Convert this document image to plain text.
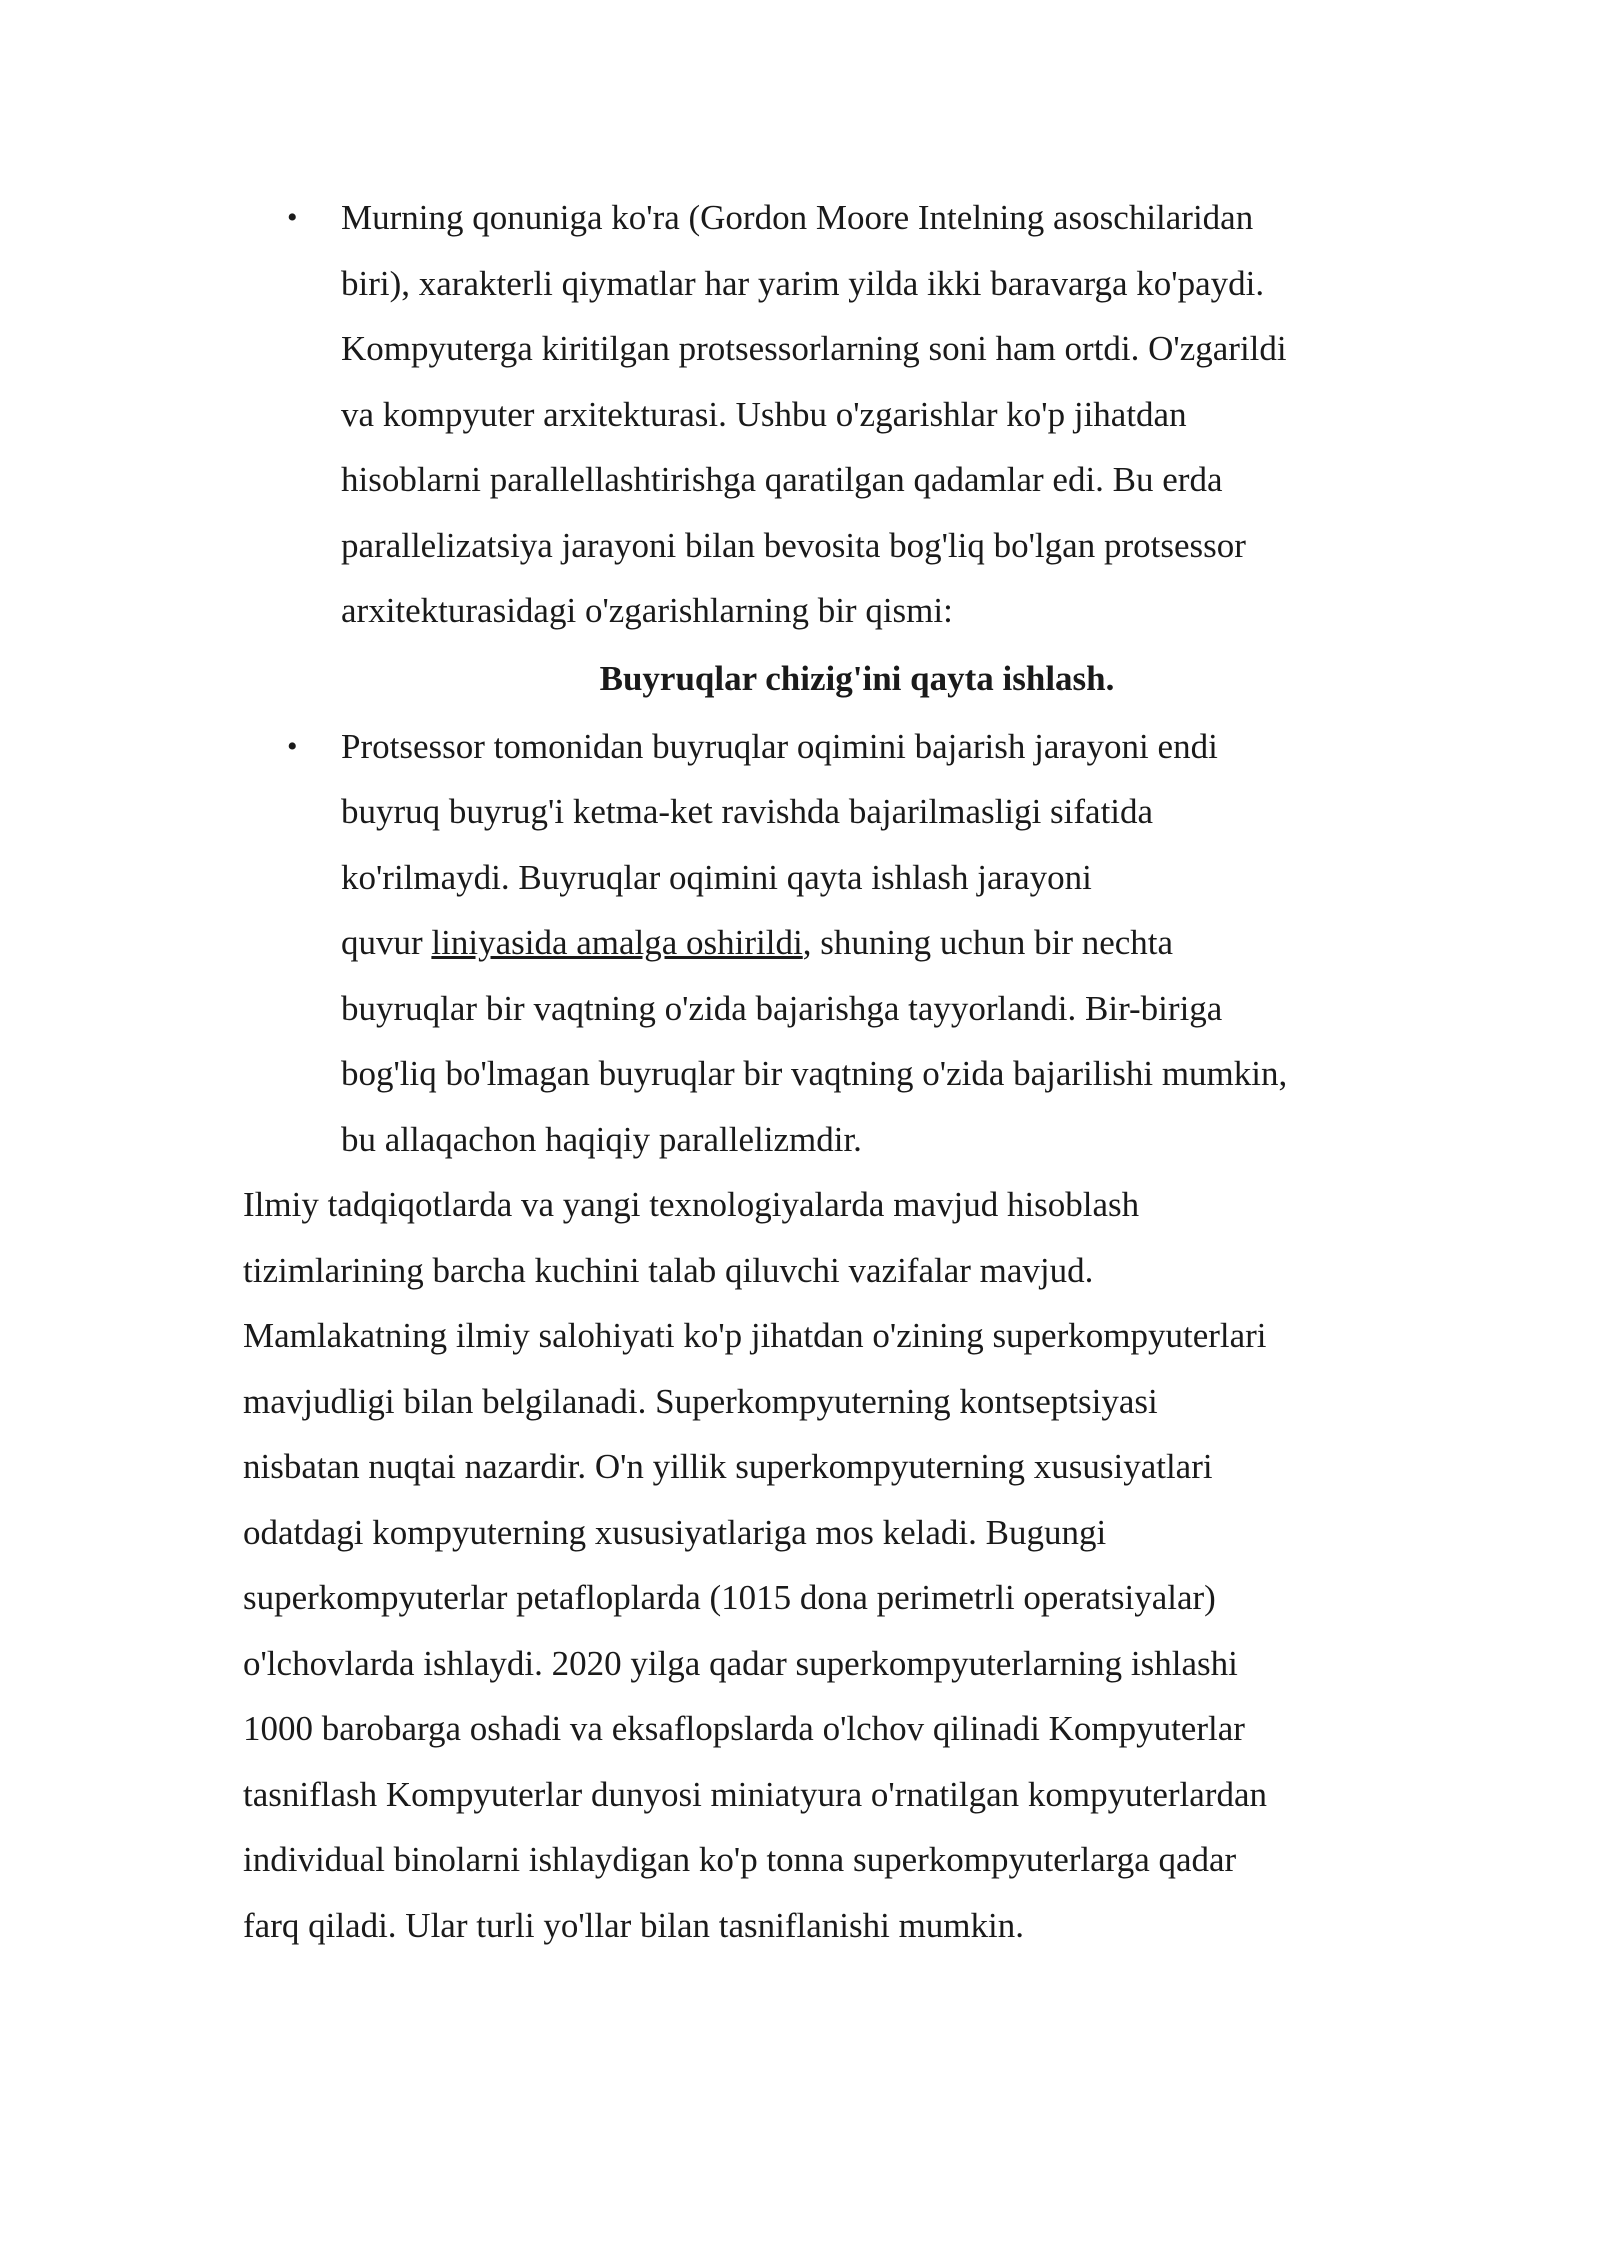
• Murning qonuniga ko'ra (Gordon Moore Intelning asoschilaridan
biri), xarakterli qiymatlar har yarim yilda ikki baravarga ko'paydi.
Kompyuterga kiritilgan protsessorlarning soni ham ortdi. O'zgarildi
va kompyuter arxitekturasi. Ushbu o'zgarishlar ko'p jihatdan
hisoblarni parallellashtirishga qaratilgan qadamlar edi. Bu erda
parallelizatsiya jarayoni bilan bevosita bog'liq bo'lgan protsessor
arxitekturasidagi o'zgarishlarning bir qismi:
Buyruqlar chizig'ini qayta ishlash.
• Protsessor tomonidan buyruqlar oqimini bajarish jarayoni endi
buyruq buyrug'i ketma-ket ravishda bajarilmasligi sifatida
ko'rilmaydi. Buyruqlar oqimini qayta ishlash jarayoni
quvur liniyasida amalga oshirildi, shuning uchun bir nechta
buyruqlar bir vaqtning o'zida bajarishga tayyorlandi. Bir-biriga
bog'liq bo'lmagan buyruqlar bir vaqtning o'zida bajarilishi mumkin,
bu allaqachon haqiqiy parallelizmdir.
Ilmiy tadqiqotlarda va yangi texnologiyalarda mavjud hisoblash
tizimlarining barcha kuchini talab qiluvchi vazifalar mavjud.
Mamlakatning ilmiy salohiyati ko'p jihatdan o'zining superkompyuterlari
mavjudligi bilan belgilanadi. Superkompyuterning kontseptsiyasi
nisbatan nuqtai nazardir. O'n yillik superkompyuterning xususiyatlari
odatdagi kompyuterning xususiyatlariga mos keladi. Bugungi
superkompyuterlar petafloplarda (1015 dona perimetrli operatsiyalar)
o'lchovlarda ishlaydi. 2020 yilga qadar superkompyuterlarning ishlashi
1000 barobarga oshadi va eksaflopslarda o'lchov qilinadi Kompyuterlar
tasniflash Kompyuterlar dunyosi miniatyura o'rnatilgan kompyuterlardan
individual binolarni ishlaydigan ko'p tonna superkompyuterlarga qadar
farq qiladi. Ular turli yo'llar bilan tasniflanishi mumkin.
